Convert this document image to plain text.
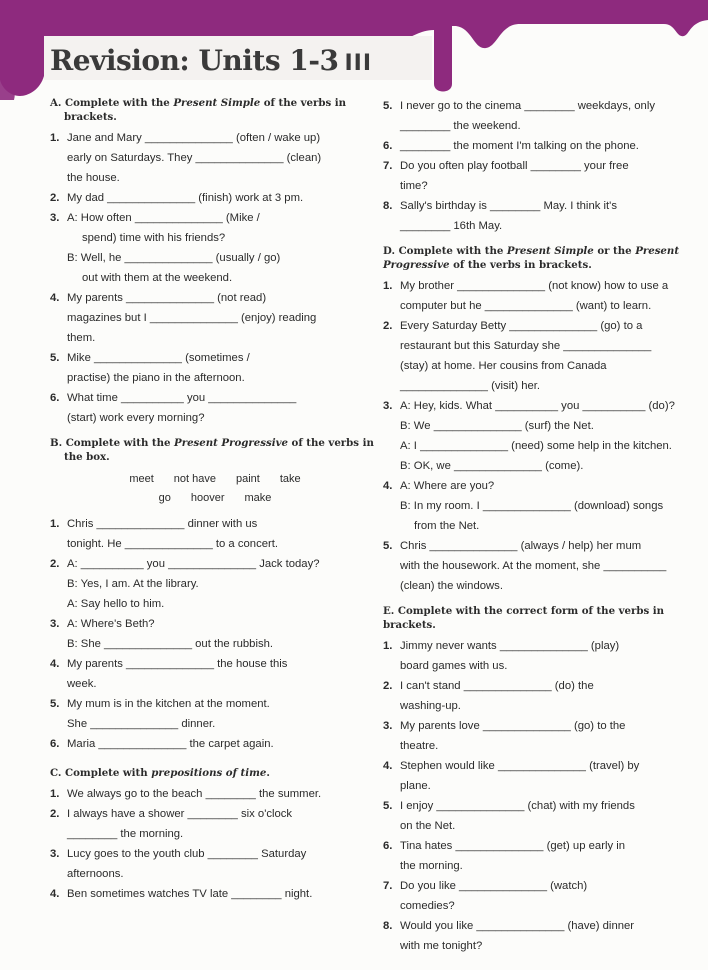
Revision: Units 1-3 III
A. Complete with the Present Simple of the verbs in
brackets.
1. Jane and Mary ______________ (often / wake up)
early on Saturdays. They ______________ (clean)
the house.
2. My dad ______________ (finish) work at 3 pm.
3. A: How often ______________ (Mike /
spend) time with his friends?
B: Well, he ______________ (usually / go)
out with them at the weekend.
4. My parents ______________ (not read)
magazines but I ______________ (enjoy) reading
them.
5. Mike ______________ (sometimes /
practise) the piano in the afternoon.
6. What time __________ you ______________
(start) work every morning?
B. Complete with the Present Progressive of the verbs in
the box.
meet not have paint take
go hoover make
1. Chris ______________ dinner with us
tonight. He ______________ to a concert.
2. A: __________ you ______________ Jack today?
B: Yes, I am. At the library.
A: Say hello to him.
3. A: Where's Beth?
B: She ______________ out the rubbish.
4. My parents ______________ the house this
week.
5. My mum is in the kitchen at the moment.
She ______________ dinner.
6. Maria ______________ the carpet again.
C. Complete with prepositions of time.
1. We always go to the beach ________ the summer.
2. I always have a shower ________ six o'clock
________ the morning.
3. Lucy goes to the youth club ________ Saturday
afternoons.
4. Ben sometimes watches TV late ________ night.
5. I never go to the cinema ________ weekdays, only
________ the weekend.
6. ________ the moment I'm talking on the phone.
7. Do you often play football ________ your free
time?
8. Sally's birthday is ________ May. I think it's
________ 16th May.
D. Complete with the Present Simple or the Present
Progressive of the verbs in brackets.
1. My brother ______________ (not know) how to use a
computer but he ______________ (want) to learn.
2. Every Saturday Betty ______________ (go) to a
restaurant but this Saturday she ______________
(stay) at home. Her cousins from Canada
______________ (visit) her.
3. A: Hey, kids. What __________ you __________ (do)?
B: We ______________ (surf) the Net.
A: I ______________ (need) some help in the kitchen.
B: OK, we ______________ (come).
4. A: Where are you?
B: In my room. I ______________ (download) songs
from the Net.
5. Chris ______________ (always / help) her mum
with the housework. At the moment, she __________
(clean) the windows.
E. Complete with the correct form of the verbs in brackets.
1. Jimmy never wants ______________ (play)
board games with us.
2. I can't stand ______________ (do) the
washing-up.
3. My parents love ______________ (go) to the
theatre.
4. Stephen would like ______________ (travel) by
plane.
5. I enjoy ______________ (chat) with my friends
on the Net.
6. Tina hates ______________ (get) up early in
the morning.
7. Do you like ______________ (watch)
comedies?
8. Would you like ______________ (have) dinner
with me tonight?
